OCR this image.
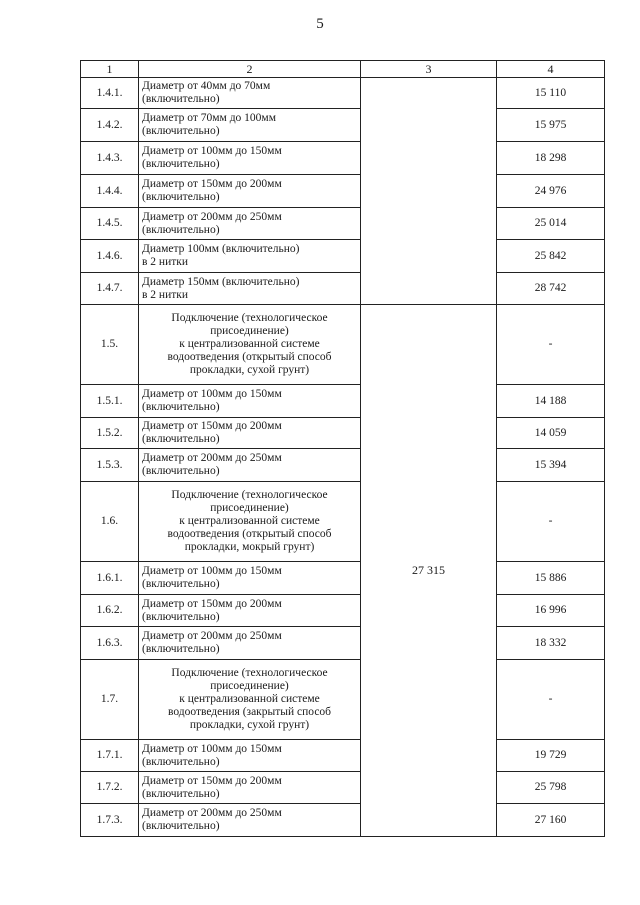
5
1	2	3	4
1.4.1.	Диаметр от 40мм до 70мм
(включительно)		15 110
1.4.2.	Диаметр от 70мм до 100мм
(включительно)		15 975
1.4.3.	Диаметр от 100мм до 150мм
(включительно)		18 298
1.4.4.	Диаметр от 150мм до 200мм
(включительно)		24 976
1.4.5.	Диаметр от 200мм до 250мм
(включительно)		25 014
1.4.6.	Диаметр 100мм (включительно)
в 2 нитки		25 842
1.4.7.	Диаметр 150мм (включительно)
в 2 нитки		28 742
1.5.	Подключение (технологическое
присоединение)
к централизованной системе
водоотведения (открытый способ
прокладки, сухой грунт)	27 315	-
1.5.1.	Диаметр от 100мм до 150мм
(включительно)		14 188
1.5.2.	Диаметр от 150мм до 200мм
(включительно)		14 059
1.5.3.	Диаметр от 200мм до 250мм
(включительно)		15 394
1.6.	Подключение (технологическое
присоединение)
к централизованной системе
водоотведения (открытый способ
прокладки, мокрый грунт)		-
1.6.1.	Диаметр от 100мм до 150мм
(включительно)		15 886
1.6.2.	Диаметр от 150мм до 200мм
(включительно)		16 996
1.6.3.	Диаметр от 200мм до 250мм
(включительно)		18 332
1.7.	Подключение (технологическое
присоединение)
к централизованной системе
водоотведения (закрытый способ
прокладки, сухой грунт)		-
1.7.1.	Диаметр от 100мм до 150мм
(включительно)		19 729
1.7.2.	Диаметр от 150мм до 200мм
(включительно)		25 798
1.7.3.	Диаметр от 200мм до 250мм
(включительно)		27 160
